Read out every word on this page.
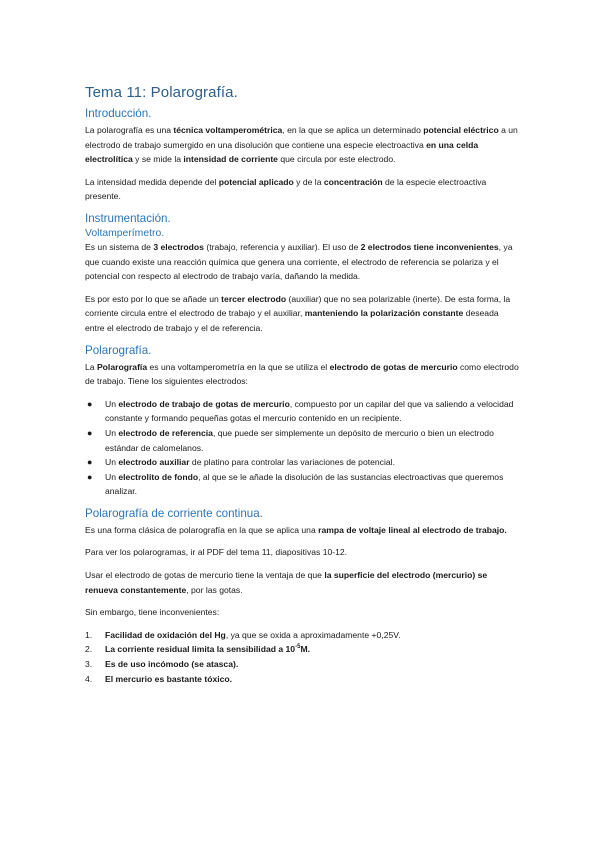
Tema 11: Polarografía.
Introducción.

La polarografía es una técnica voltamperométrica, en la que se aplica un determinado potencial eléctrico a un electrodo de trabajo sumergido en una disolución que contiene una especie electroactiva en una celda electrolítica y se mide la intensidad de corriente que circula por este electrodo.

La intensidad medida depende del potencial aplicado y de la concentración de la especie electroactiva presente.

Instrumentación.
Voltamperímetro.

Es un sistema de 3 electrodos (trabajo, referencia y auxiliar). El uso de 2 electrodos tiene inconvenientes, ya que cuando existe una reacción química que genera una corriente, el electrodo de referencia se polariza y el potencial con respecto al electrodo de trabajo varía, dañando la medida.

Es por esto por lo que se añade un tercer electrodo (auxiliar) que no sea polarizable (inerte). De esta forma, la corriente circula entre el electrodo de trabajo y el auxiliar, manteniendo la polarización constante deseada entre el electrodo de trabajo y el de referencia.

Polarografía.

La Polarografía es una voltamperometría en la que se utiliza el electrodo de gotas de mercurio como electrodo de trabajo. Tiene los siguientes electrodos:

● Un electrodo de trabajo de gotas de mercurio, compuesto por un capilar del que va saliendo a velocidad constante y formando pequeñas gotas el mercurio contenido en un recipiente.
● Un electrodo de referencia, que puede ser simplemente un depósito de mercurio o bien un electrodo estándar de calomelanos.
● Un electrodo auxiliar de platino para controlar las variaciones de potencial.
● Un electrolito de fondo, al que se le añade la disolución de las sustancias electroactivas que queremos analizar.
Polarografía de corriente continua.

Es una forma clásica de polarografía en la que se aplica una rampa de voltaje lineal al electrodo de trabajo.

Para ver los polarogramas, ir al PDF del tema 11, diapositivas 10-12.

Usar el electrodo de gotas de mercurio tiene la ventaja de que la superficie del electrodo (mercurio) se renueva constantemente, por las gotas.

Sin embargo, tiene inconvenientes:

1. Facilidad de oxidación del Hg, ya que se oxida a aproximadamente +0,25V.
2. La corriente residual limita la sensibilidad a $10^{-5}M$.
3. Es de uso incómodo (se atasca).
4. El mercurio es bastante tóxico.
